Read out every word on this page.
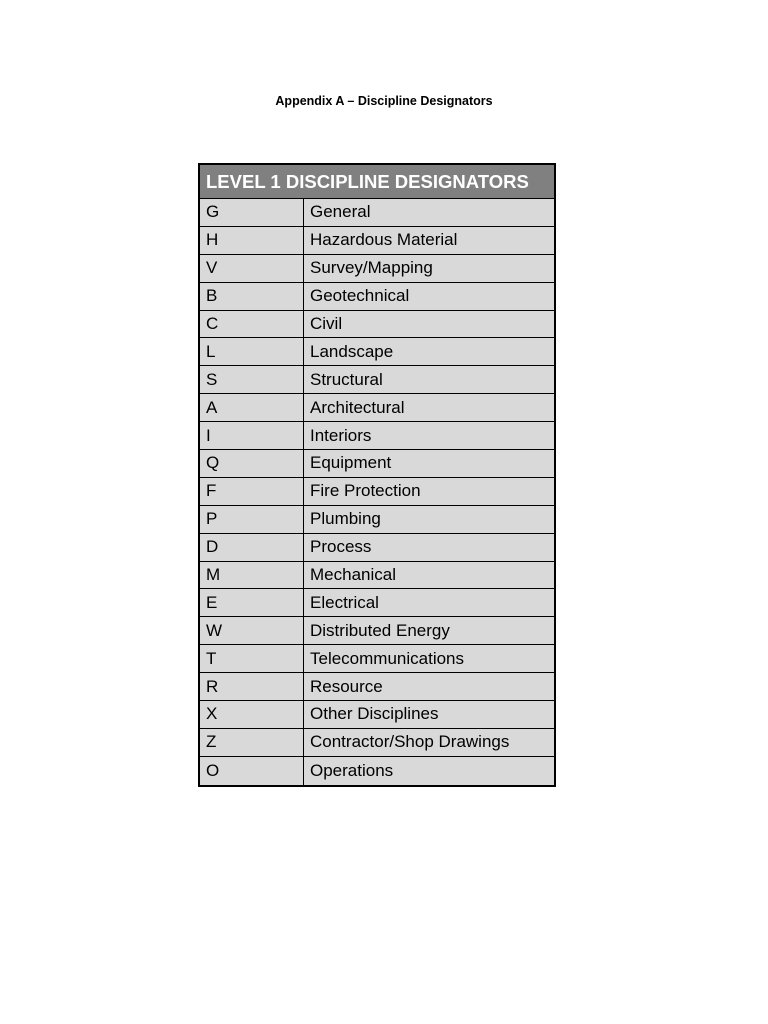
Appendix A – Discipline Designators
LEVEL 1 DISCIPLINE DESIGNATORS
G	General
H	Hazardous Material
V	Survey/Mapping
B	Geotechnical
C	Civil
L	Landscape
S	Structural
A	Architectural
I	Interiors
Q	Equipment
F	Fire Protection
P	Plumbing
D	Process
M	Mechanical
E	Electrical
W	Distributed Energy
T	Telecommunications
R	Resource
X	Other Disciplines
Z	Contractor/Shop Drawings
O	Operations
